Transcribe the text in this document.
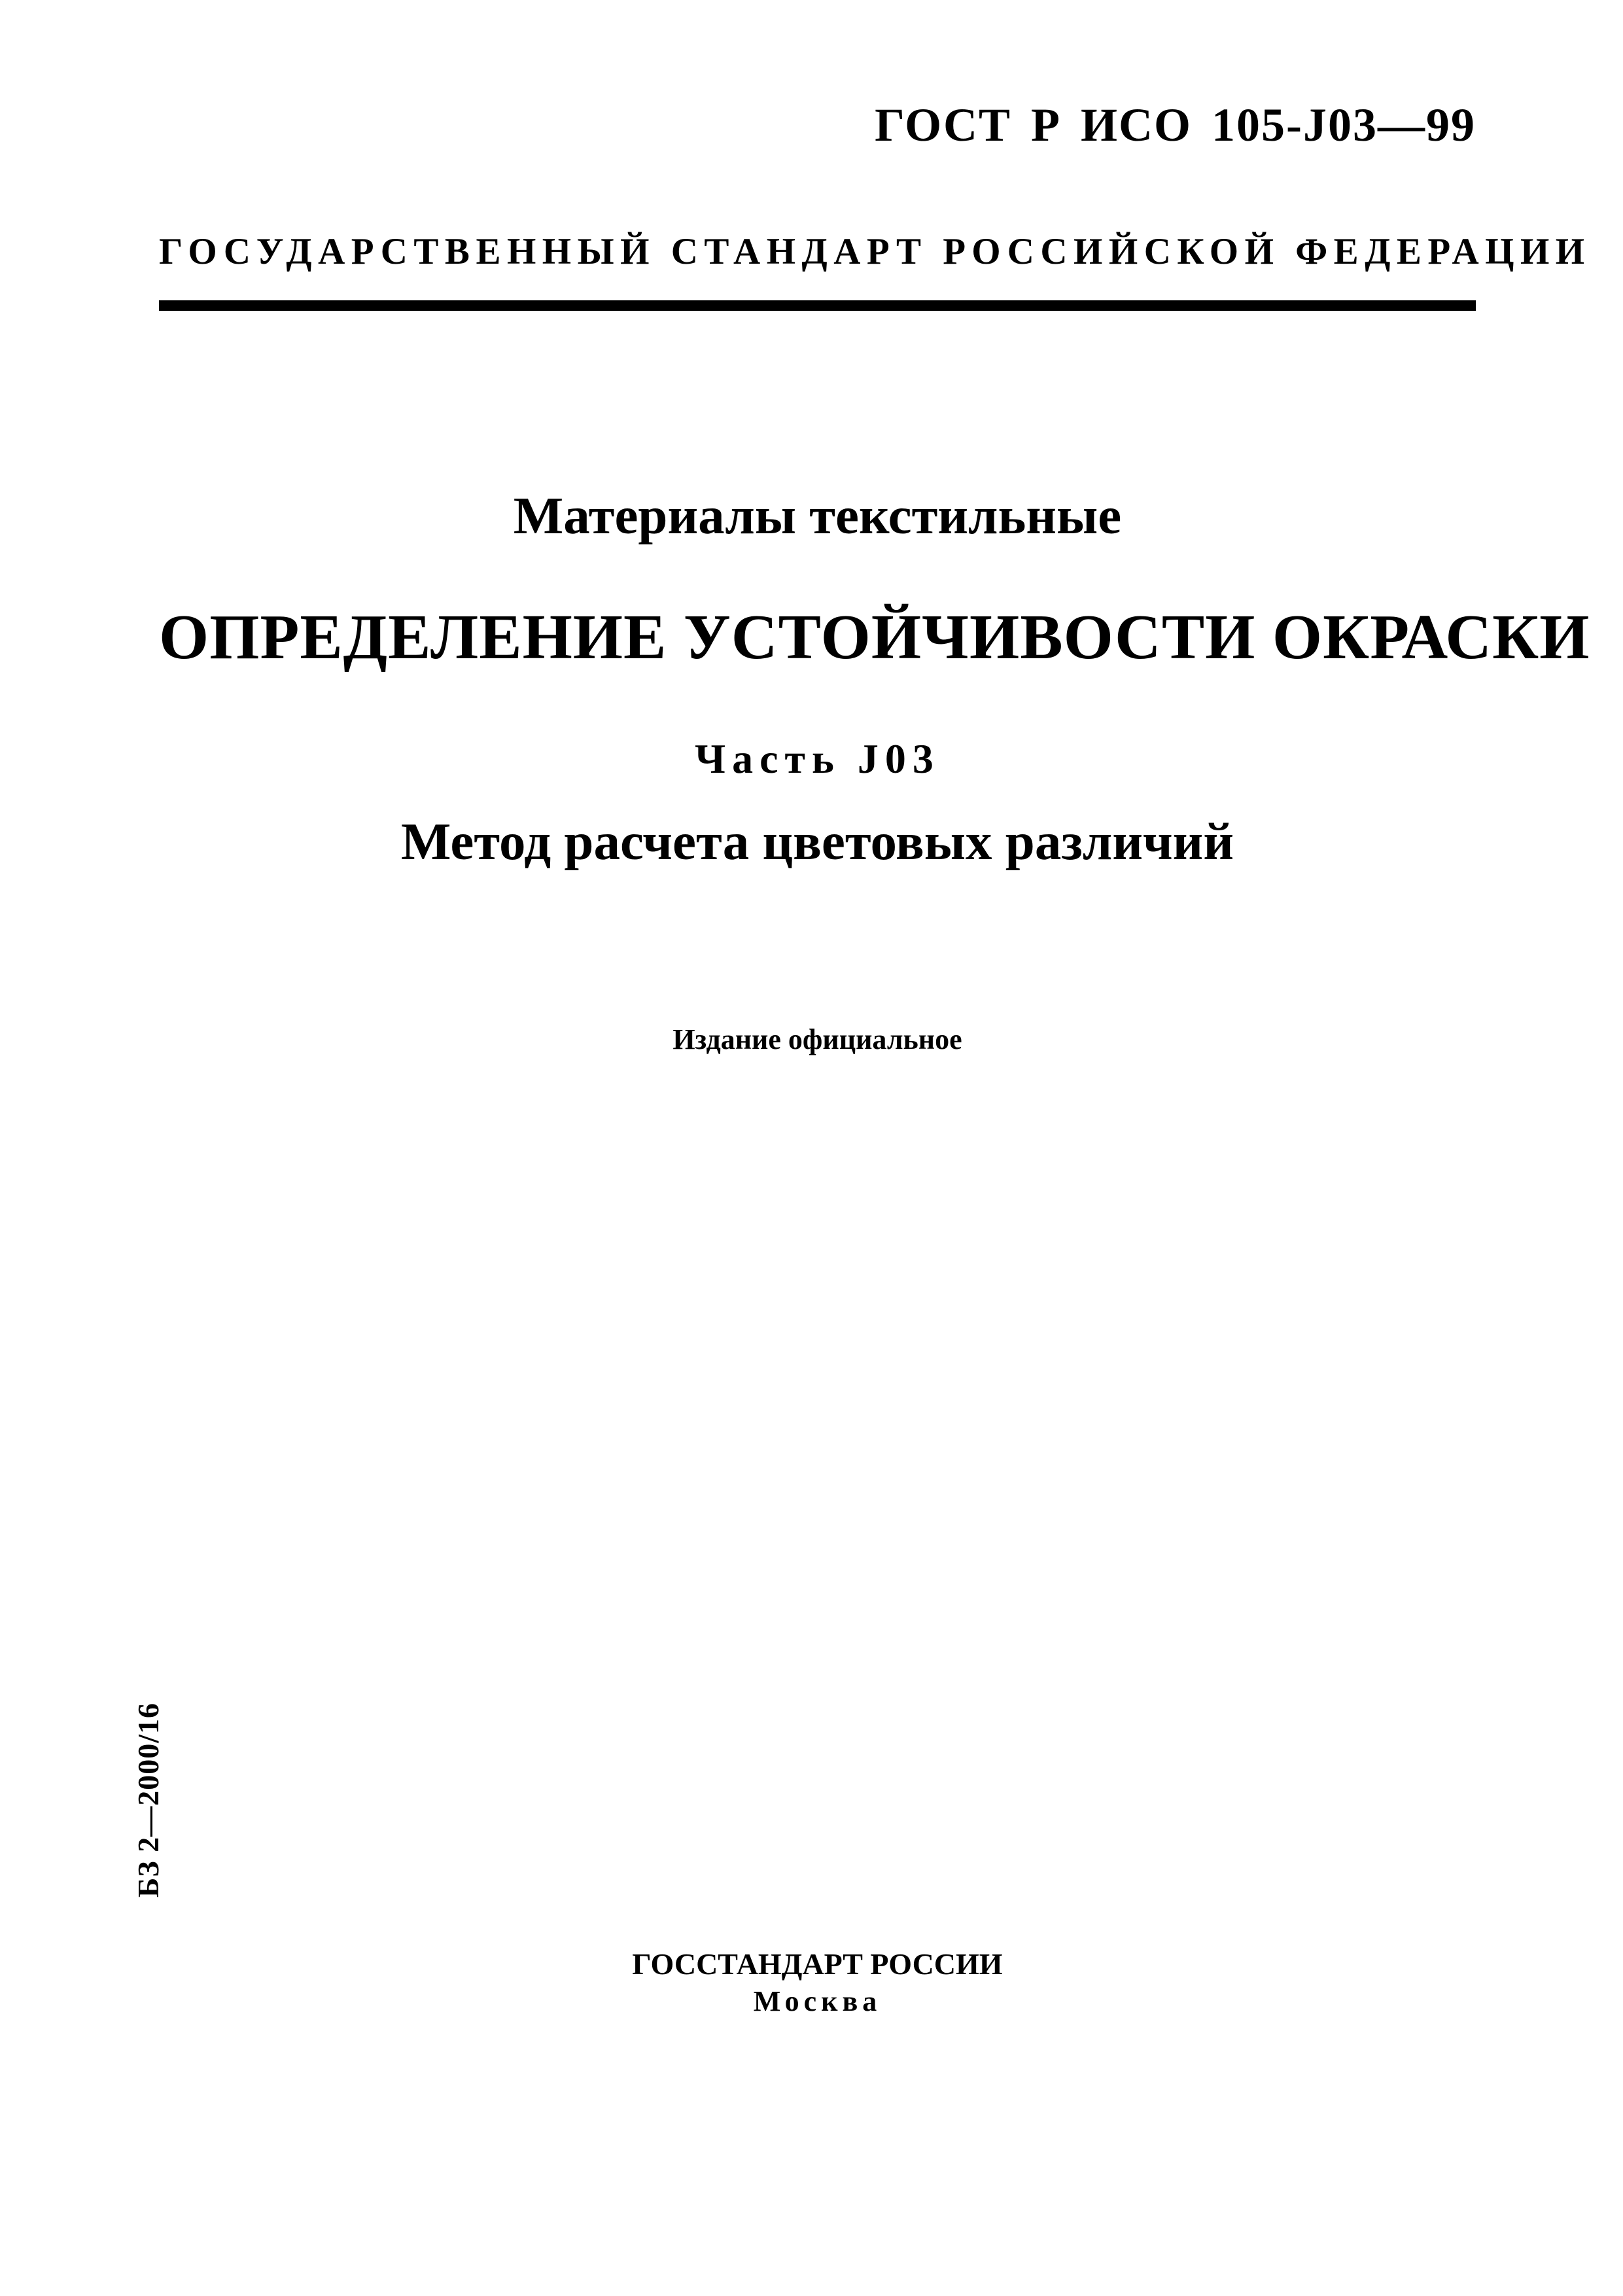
ГОСТ Р ИСО 105-J03—99
ГОСУДАРСТВЕННЫЙ СТАНДАРТ РОССИЙСКОЙ ФЕДЕРАЦИИ
Материалы текстильные
ОПРЕДЕЛЕНИЕ УСТОЙЧИВОСТИ ОКРАСКИ
Часть J03
Метод расчета цветовых различий
Издание официальное
БЗ 2—2000/16
ГОССТАНДАРТ РОССИИ
Москва
